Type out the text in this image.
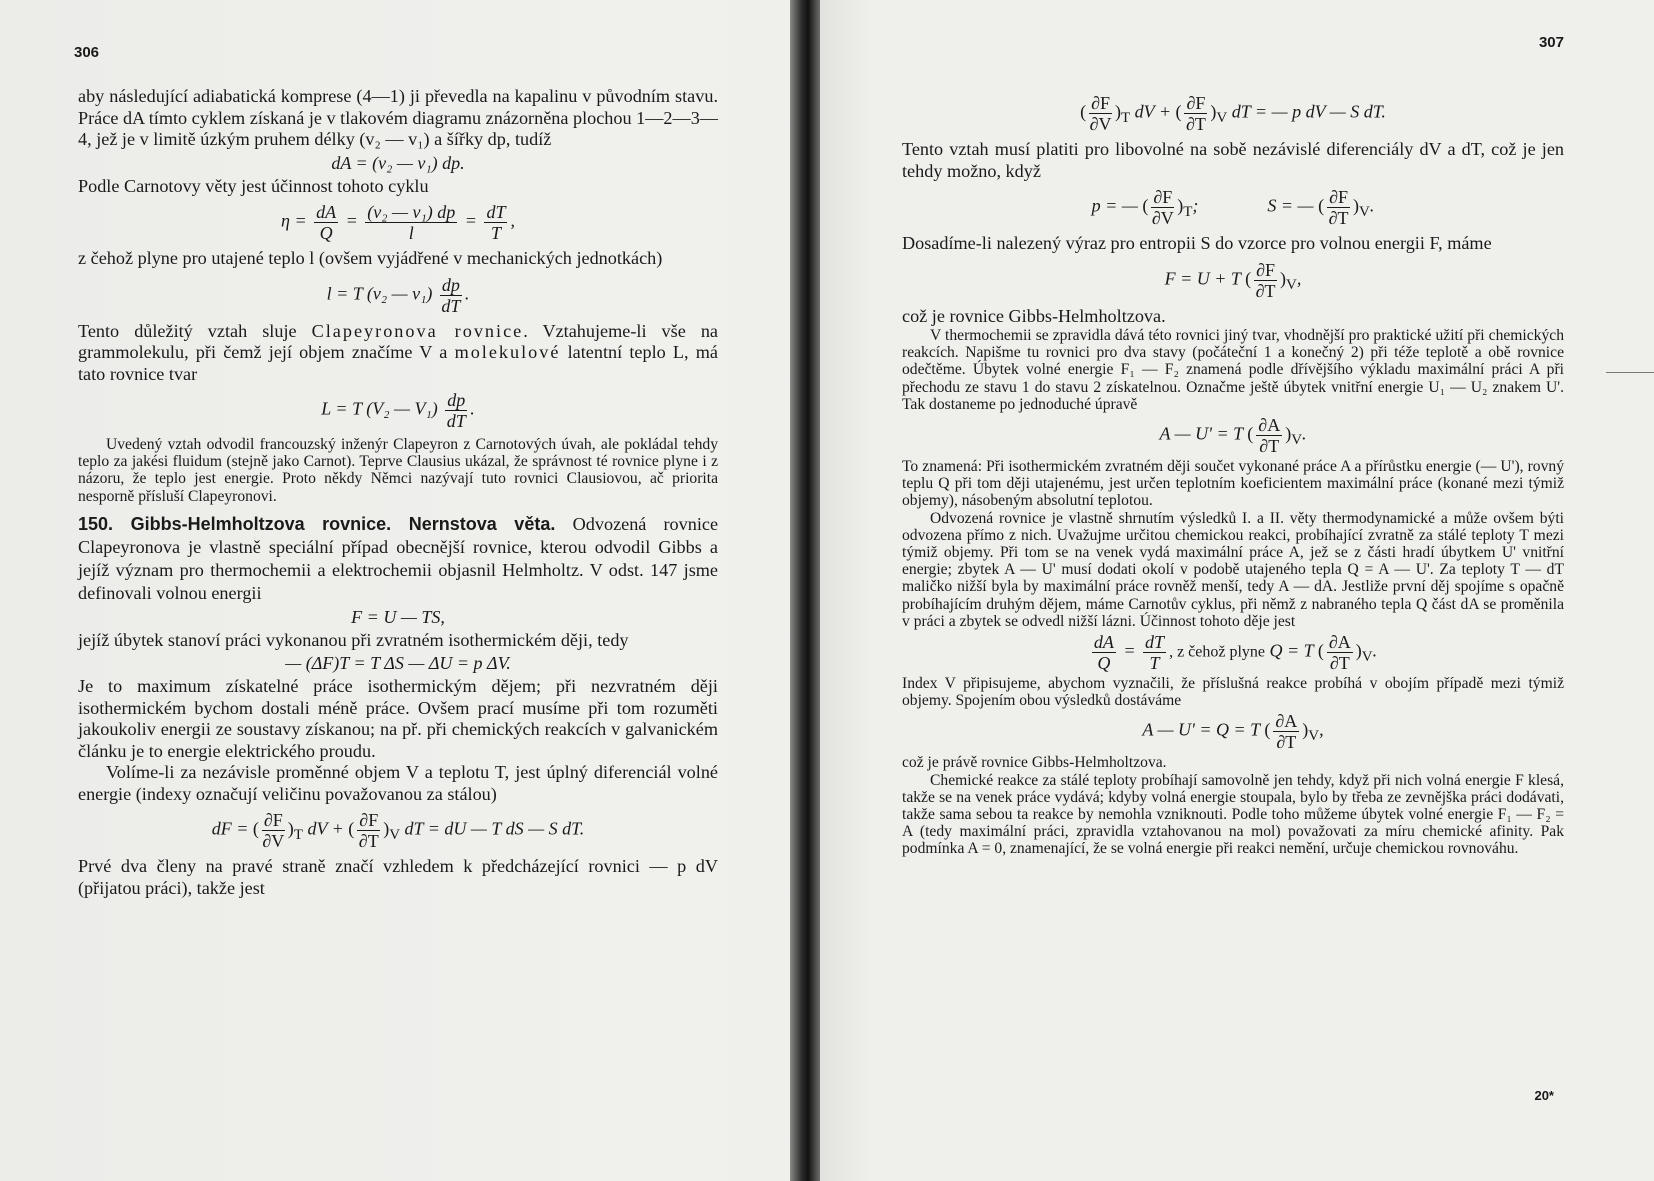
306

aby následující adiabatická komprese (4—1) ji převedla na kapalinu v původním stavu. Práce dA tímto cyklem získaná je v tlakovém diagramu znázorněna plochou 1—2—3—4, jež je v limitě úzkým pruhem délky (v₂ — v₁) a šířky dp, tudíž

dA = (v₂ — v₁) dp.

Podle Carnotovy věty jest účinnost tohoto cyklu

$\eta = \frac{dA}{Q} = \frac{\text{(v₂ — v₁) dp}}{l} = \frac{dT}{T}$ ,

z čehož plyne pro utajené teplo l (ovšem vyjádřené v mechanických jednotkách)

l = T (v₂ — $v_1) \frac{dp}{dT}$ .

Tento důležitý vztah sluje Clapeyronova rovnice. Vztahujeme-li vše na grammolekulu, při čemž její objem značíme V a molekulové latentní teplo L, má tato rovnice tvar

L = T (V₂ — $V_1) \frac{dp}{dT}$ .

Uvedený vztah odvodil francouzský inženýr Clapeyron z Carnotových úvah, ale pokládal tehdy teplo za jakési fluidum (stejně jako Carnot). Teprve Clausius ukázal, že správnost té rovnice plyne i z názoru, že teplo jest energie. Proto někdy Němci nazývají tuto rovnici Clausiovou, ač priorita nesporně přísluší Clapeyronovi.

150. Gibbs-Helmholtzova rovnice. Nernstova věta. Odvozená rovnice Clapeyronova je vlastně speciální případ obecnější rovnice, kterou odvodil Gibbs a jejíž význam pro thermochemii a elektrochemii objasnil Helmholtz. V odst. 147 jsme definovali volnou energii

F = U — TS,

jejíž úbytek stanoví práci vykonanou při zvratném isothermickém ději, tedy

— (ΔF)T = T ΔS — ΔU = p ΔV.

Je to maximum získatelné práce isothermickým dějem; při nezvratném ději isothermickém bychom dostali méně práce. Ovšem prací musíme při tom rozuměti jakoukoliv energii ze soustavy získanou; na př. při chemických reakcích v galvanickém článku je to energie elektrického proudu.

Volíme-li za nezávisle proměnné objem V a teplotu T, jest úplný diferenciál volné energie (indexy označují veličinu považovanou za stálou)

dF = ( $\frac{\partial F}{\partial V} )_T$ dV + ( $\frac{\partial F}{\partial T} )_V$ dT = dU — T dS — S dT.

Prvé dva členy na pravé straně značí vzhledem k předcházející rovnici — p dV (přijatou práci), takže jest

307
( $\frac{\partial F}{\partial V} )_T$ dV + ( $\frac{\partial F}{\partial T} )_V$ dT = — p dV — S dT.

Tento vztah musí platiti pro libovolné na sobě nezávislé diferenciály dV a dT, což je jen tehdy možno, když

p = — ( $\frac{\partial F}{\partial V} )_T$;	S = — ( $\frac{\partial F}{\partial T} )_V$.

Dosadíme-li nalezený výraz pro entropii S do vzorce pro volnou energii F, máme

F = U + T ( $\frac{\partial F}{\partial T} )_V$,

což je rovnice Gibbs-Helmholtzova.

V thermochemii se zpravidla dává této rovnici jiný tvar, vhodnější pro praktické užití při chemických reakcích. Napišme tu rovnici pro dva stavy (počáteční 1 a konečný 2) při téže teplotě a obě rovnice odečtěme. Úbytek volné energie F₁ — F₂ znamená podle dřívějšího výkladu maximální práci A při přechodu ze stavu 1 do stavu 2 získatelnou. Označme ještě úbytek vnitřní energie U₁ — U₂ znakem U'. Tak dostaneme po jednoduché úpravě

A — U' = T ( $\frac{\partial A}{\partial T} )_V$.

To znamená: Při isothermickém zvratném ději součet vykonané práce A a přírůstku energie (— U'), rovný teplu Q při tom ději utajenému, jest určen teplotním koeficientem maximální práce (konané mezi týmiž objemy), násobeným absolutní teplotou.

Odvozená rovnice je vlastně shrnutím výsledků I. a II. věty thermodynamické a může ovšem býti odvozena přímo z nich. Uvažujme určitou chemickou reakci, probíhající zvratně za stálé teploty T mezi týmiž objemy. Při tom se na venek vydá maximální práce A, jež se z části hradí úbytkem U' vnitřní energie; zbytek A — U' musí dodati okolí v podobě utajeného tepla Q = A — U'. Za teploty T — dT maličko nižší byla by maximální práce rovněž menší, tedy A — dA. Jestliže první děj spojíme s opačně probíhajícím druhým dějem, máme Carnotův cyklus, při němž z nabraného tepla Q část dA se proměnila v práci a zbytek se odvedl nižší lázni. Účinnost tohoto děje jest

$\frac{dA}{Q} = \frac{dT}{T}$ , z čehož plyne Q = T ( $\frac{\partial A}{\partial T} )_V$.

Index V připisujeme, abychom vyznačili, že příslušná reakce probíhá v obojím případě mezi týmiž objemy. Spojením obou výsledků dostáváme

A — U' = Q = T ( $\frac{\partial A}{\partial T} )_V$,

což je právě rovnice Gibbs-Helmholtzova.

Chemické reakce za stálé teploty probíhají samovolně jen tehdy, když při nich volná energie F klesá, takže se na venek práce vydává; kdyby volná energie stoupala, bylo by třeba ze zevnějška práci dodávati, takže sama sebou ta reakce by nemohla vzniknouti. Podle toho můžeme úbytek volné energie F₁ — F₂ = A (tedy maximální práci, zpravidla vztahovanou na mol) považovati za míru chemické afinity. Pak podmínka A = 0, znamenající, že se volná energie při reakci nemění, určuje chemickou rovnováhu.

20*
